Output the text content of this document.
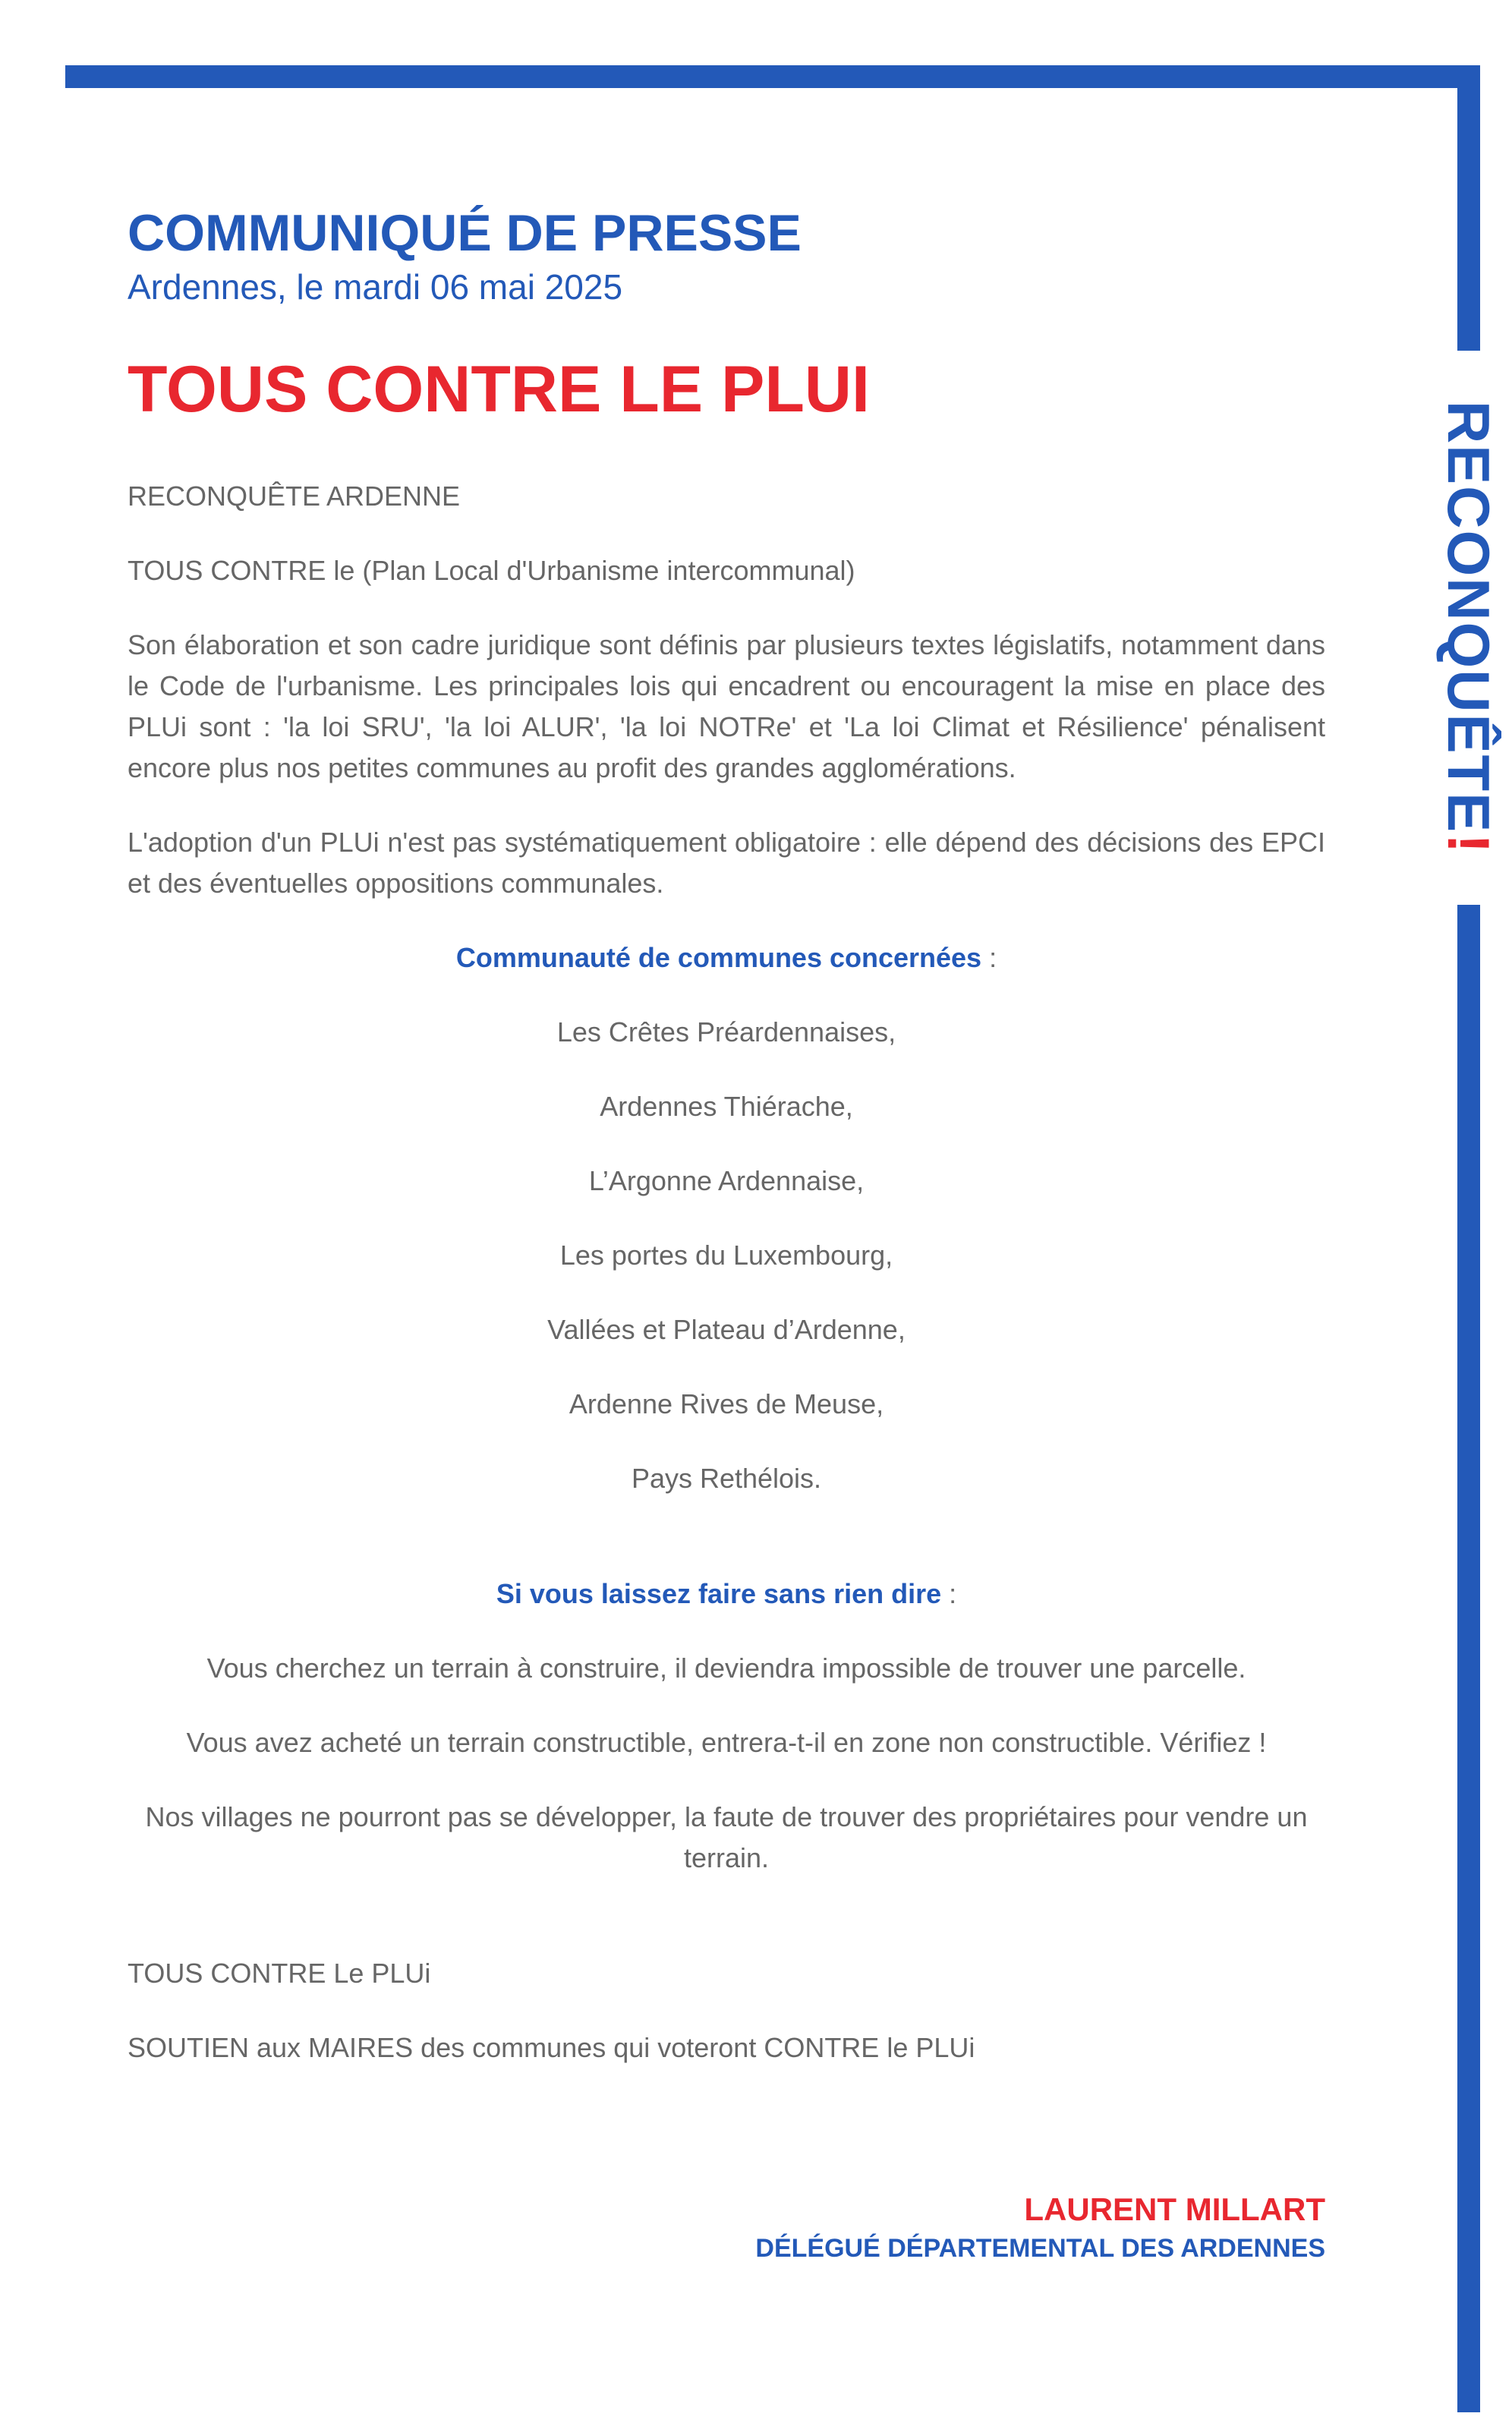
RECONQUÊTE!
COMMUNIQUÉ DE PRESSE
Ardennes, le mardi 06 mai 2025
TOUS CONTRE LE PLUI

RECONQUÊTE ARDENNE

TOUS CONTRE le (Plan Local d'Urbanisme intercommunal)

Son élaboration et son cadre juridique sont définis par plusieurs textes législatifs, notamment dans le Code de l'urbanisme. Les principales lois qui encadrent ou encouragent la mise en place des PLUi sont : 'la loi SRU', 'la loi ALUR', 'la loi NOTRe' et 'La loi Climat et Résilience' pénalisent encore plus nos petites communes au profit des grandes agglomérations.

L'adoption d'un PLUi n'est pas systématiquement obligatoire : elle dépend des décisions des EPCI et des éventuelles oppositions communales.

Communauté de communes concernées :

Les Crêtes Préardennaises,

Ardennes Thiérache,

L’Argonne Ardennaise,

Les portes du Luxembourg,

Vallées et Plateau d’Ardenne,

Ardenne Rives de Meuse,

Pays Rethélois.

Si vous laissez faire sans rien dire :

Vous cherchez un terrain à construire, il deviendra impossible de trouver une parcelle.

Vous avez acheté un terrain constructible, entrera-t-il en zone non constructible. Vérifiez !

Nos villages ne pourront pas se développer, la faute de trouver des propriétaires pour vendre un terrain.

TOUS CONTRE Le PLUi

SOUTIEN aux MAIRES des communes qui voteront CONTRE le PLUi

LAURENT MILLART
DÉLÉGUÉ DÉPARTEMENTAL DES ARDENNES
